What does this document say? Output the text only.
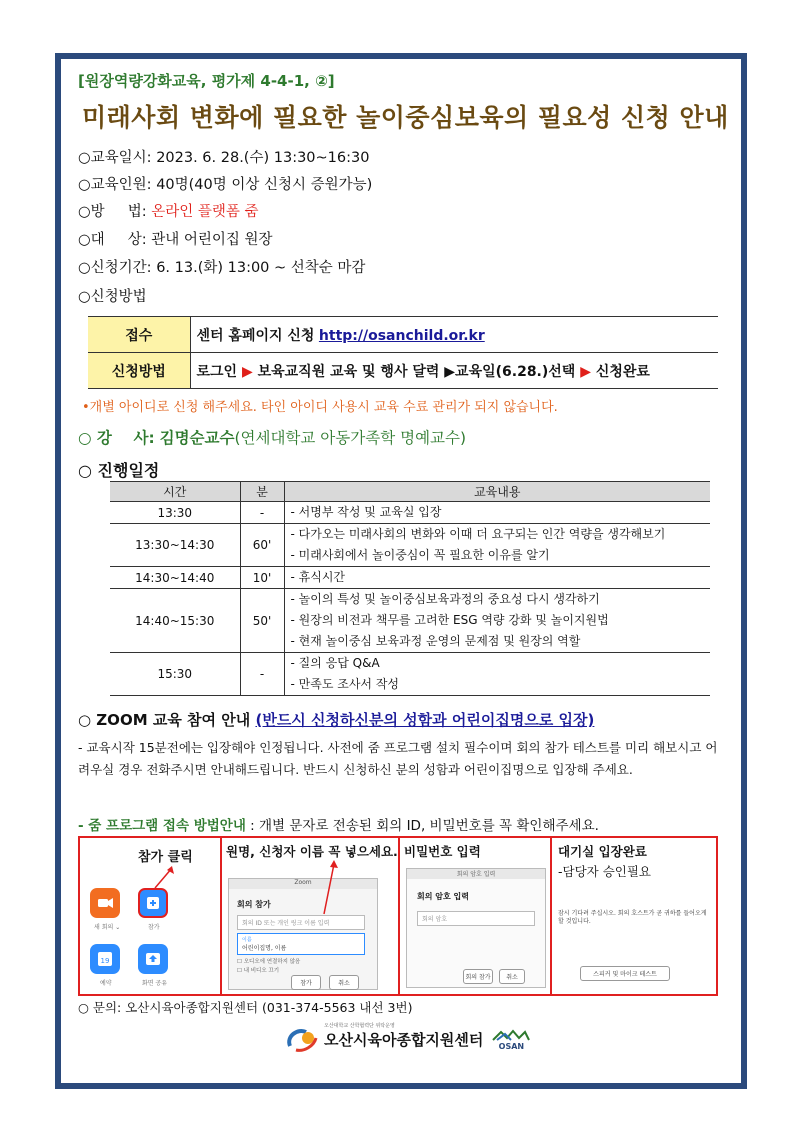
[원장역량강화교육, 평가제 4-4-1, ②]
미래사회 변화에 필요한 놀이중심보육의 필요성 신청 안내
○교육일시: 2023. 6. 28.(수) 13:30~16:30
○교육인원: 40명(40명 이상 신청시 증원가능)
○방     법: 온라인 플랫폼 줌
○대     상: 관내 어린이집 원장
○신청기간: 6. 13.(화) 13:00 ~ 선착순 마감
○신청방법
접수	센터 홈페이지 신청 http://osanchild.or.kr
신청방법	로그인 ▶ 보육교직원 교육 및 행사 달력 ▶교육일(6.28.)선택 ▶ 신청완료
•개별 아이디로 신청 해주세요. 타인 아이디 사용시 교육 수료 관리가 되지 않습니다.
○ 강    사: 김명순교수(연세대학교 아동가족학 명예교수)
○ 진행일정
시간	분	교육내용
13:30	-	- 서명부 작성 및 교육실 입장

13:30~14:30	60'	- 다가오는 미래사회의 변화와 이때 더 요구되는 인간 역량을 생각해보기
- 미래사회에서 놀이중심이 꼭 필요한 이유를 알기

14:30~14:40	10'	- 휴식시간

14:40~15:30	50'	- 놀이의 특성 및 놀이중심보육과정의 중요성 다시 생각하기
- 원장의 비전과 책무를 고려한 ESG 역량 강화 및 놀이지원법
- 현재 놀이중심 보육과정 운영의 문제점 및 원장의 역할

15:30	-	- 질의 응답 Q&A
- 만족도 조사서 작성
○ ZOOM 교육 참여 안내 (반드시 신청하신분의 성함과 어린이집명으로 입장)
- 교육시작 15분전에는 입장해야 인정됩니다. 사전에 줌 프로그램 설치 필수이며 회의 참가 테스트를 미리 해보시고 어려우실 경우 전화주시면 안내해드립니다. 반드시 신청하신 분의 성함과 어린이집명으로 입장해 주세요.
- 줌 프로그램 접속 방법안내 : 개별 문자로 전송된 회의 ID, 비밀번호를 꼭 확인해주세요.
참가 클릭
새 회의 ⌄	참가
19
예약	화면 공유
원명, 신청자 이름 꼭 넣으세요.
Zoom
회의 참가
회의 ID 또는 개인 링크 이름 입력
이름
어린이집명, 이름
☐ 오디오에 연결하지 않음
☐ 내 비디오 끄기
참가	취소
비밀번호 입력
회의 암호 입력
회의 암호 입력
회의 암호
회의 참가	취소
대기실 입장완료
-담당자 승인필요
잠시 기다려 주십시오. 회의 호스트가 곧 귀하를 들어오게 할 것입니다.
스피커 및 마이크 테스트
○ 문의: 오산시육아종합지원센터 (031-374-5563 내선 3번)
오산대학교 산학협력단 위탁운영
오산시육아종합지원센터 OSAN
